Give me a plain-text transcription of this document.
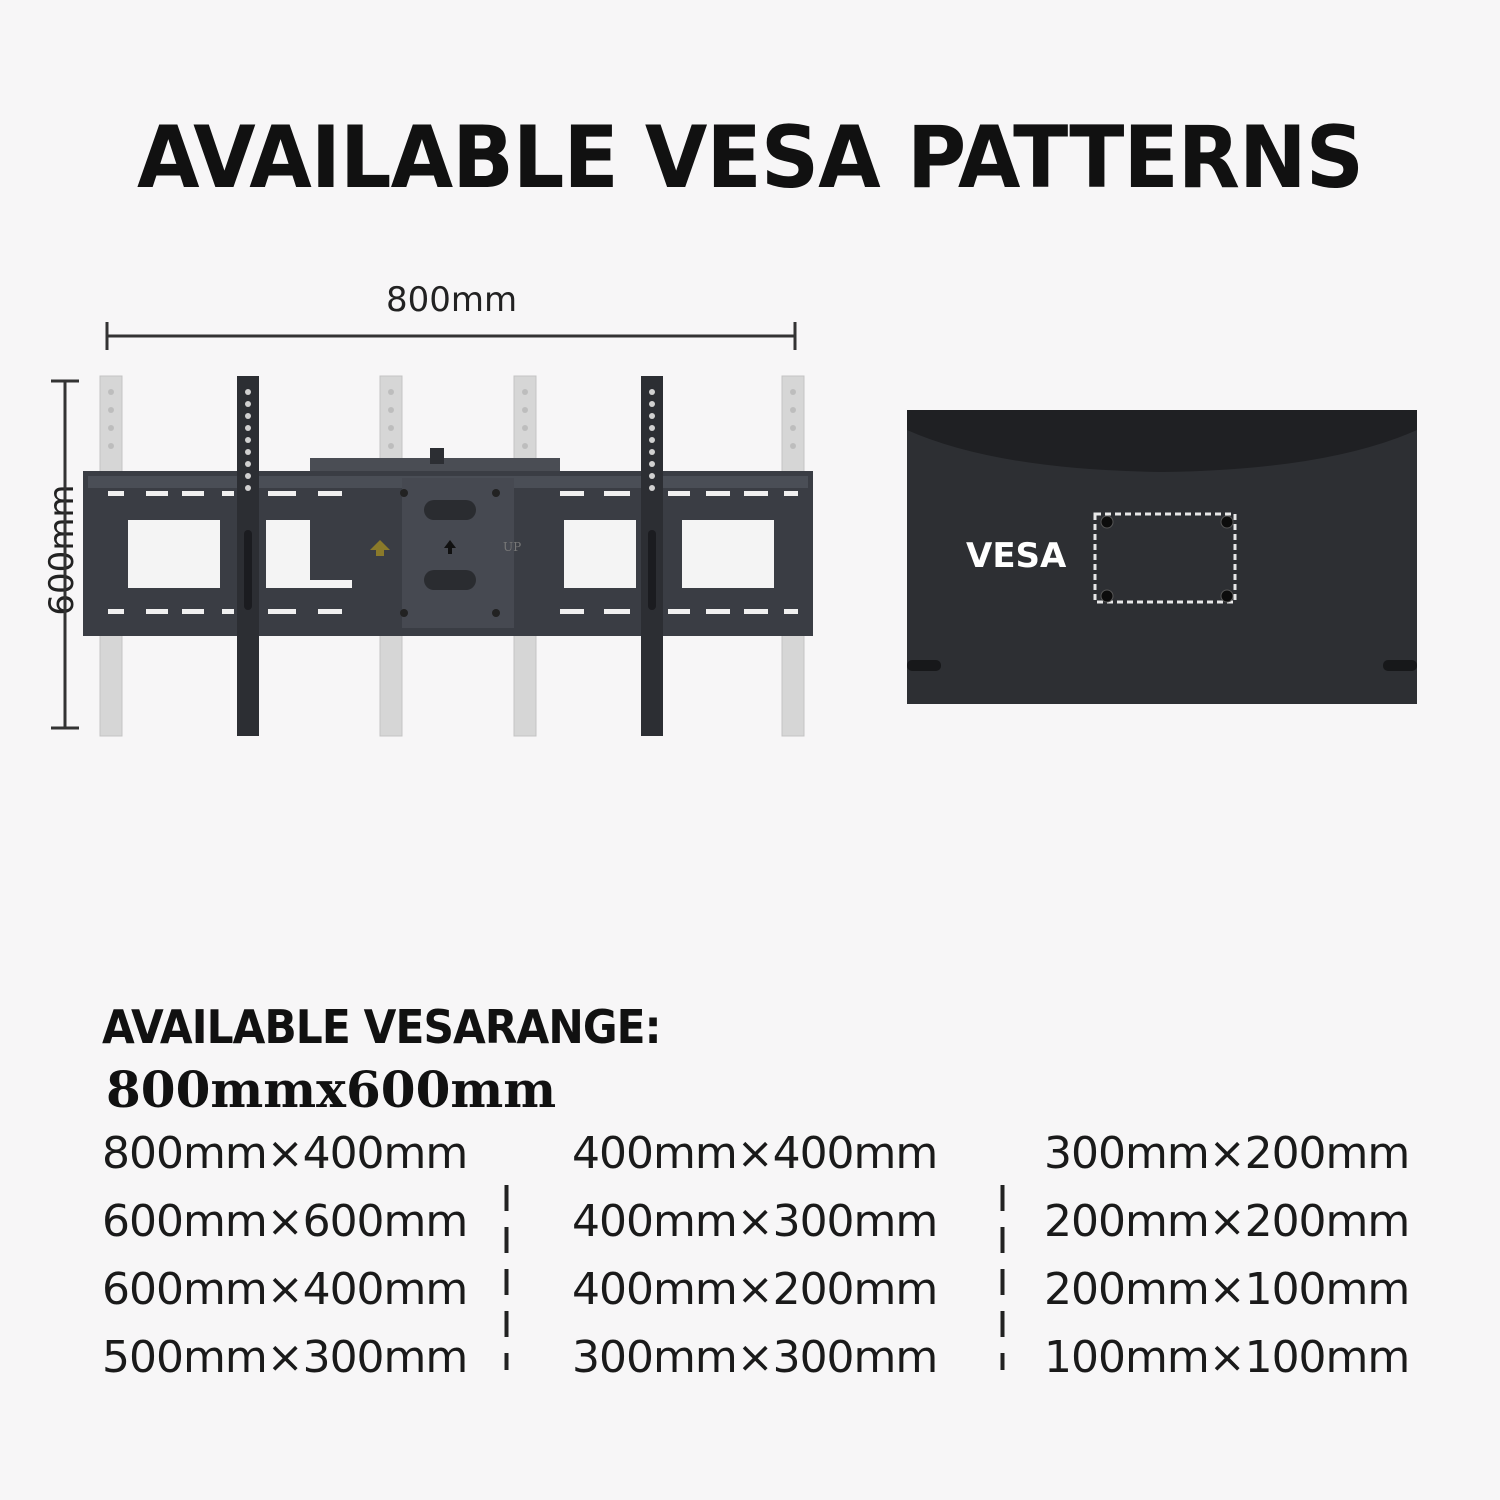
AVAILABLE VESA PATTERNS
800mm
600mm	UP	VESA
AVAILABLE VESARANGE:
800mmx600mm
800mm×400mm
600mm×600mm
600mm×400mm
500mm×300mm
400mm×400mm
400mm×300mm
400mm×200mm
300mm×300mm
300mm×200mm
200mm×200mm
200mm×100mm
100mm×100mm
